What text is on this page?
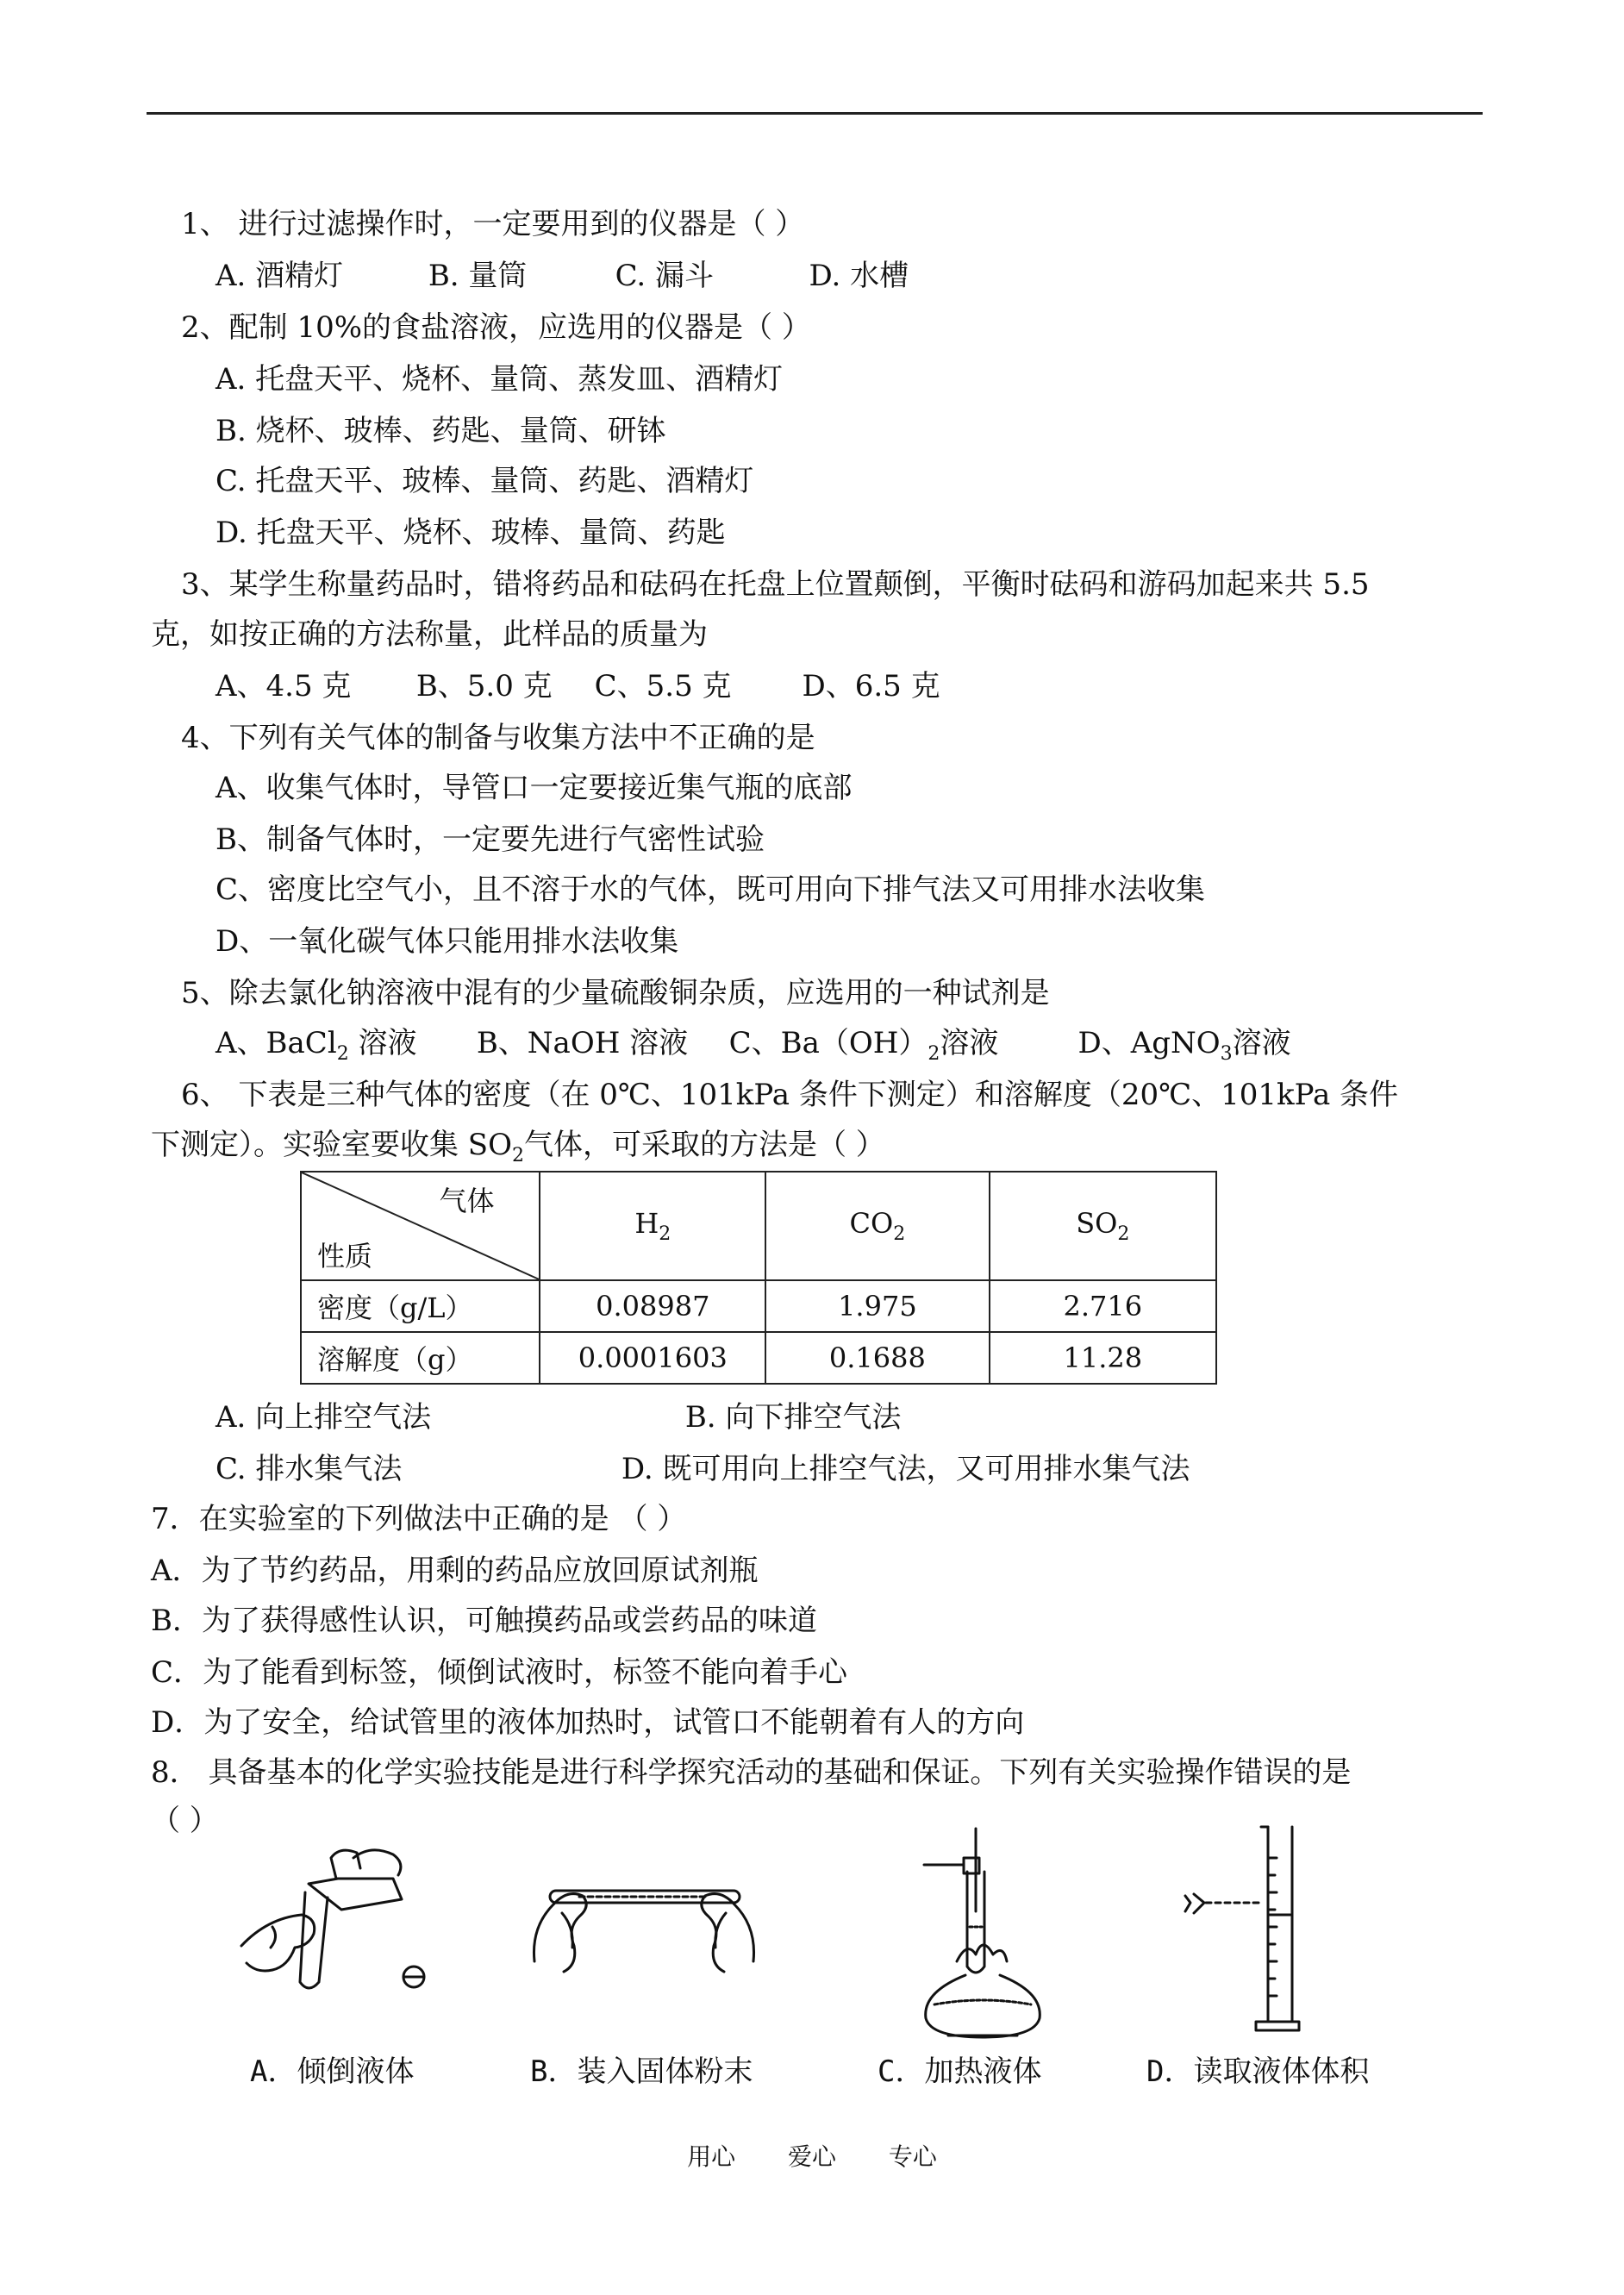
1、 进行过滤操作时，一定要用到的仪器是（ ）
A. 酒精灯	B. 量筒	C. 漏斗	D. 水槽
2、配制 10%的食盐溶液，应选用的仪器是（ ）
A. 托盘天平、烧杯、量筒、蒸发皿、酒精灯
B. 烧杯、玻棒、药匙、量筒、研钵
C. 托盘天平、玻棒、量筒、药匙、酒精灯
D. 托盘天平、烧杯、玻棒、量筒、药匙
3、某学生称量药品时，错将药品和砝码在托盘上位置颠倒，平衡时砝码和游码加起来共 5.5
克，如按正确的方法称量，此样品的质量为
A、4.5 克 B、5.0 克 C、5.5 克 D、6.5 克
4、下列有关气体的制备与收集方法中不正确的是
A、收集气体时，导管口一定要接近集气瓶的底部
B、制备气体时，一定要先进行气密性试验
C、密度比空气小，且不溶于水的气体，既可用向下排气法又可用排水法收集
D、一氧化碳气体只能用排水法收集
5、除去氯化钠溶液中混有的少量硫酸铜杂质，应选用的一种试剂是
A、BaCl$_2$ 溶液 B、NaOH 溶液 C、$Ba(OH)_2$溶液	D、AgNO$_3$溶液
6、 下表是三种气体的密度（在 0℃、101kPa 条件下测定）和溶解度（20℃、101kPa 条件
下测定）。实验室要收集 $SO_2$气体，可采取的方法是（ ）
气体
性质	$H_2$	$CO_2$	$SO_2$
密度（g/L）	0.08987	1.975	2.716
溶解度（g）	0.0001603	0.1688	11.28
A. 向上排空气法	B. 向下排空气法
C. 排水集气法	D. 既可用向上排空气法，又可用排水集气法
7．在实验室的下列做法中正确的是 （ ）
A．为了节约药品，用剩的药品应放回原试剂瓶
B．为了获得感性认识，可触摸药品或尝药品的味道
C．为了能看到标签，倾倒试液时，标签不能向着手心
D．为了安全，给试管里的液体加热时，试管口不能朝着有人的方向
8． 具备基本的化学实验技能是进行科学探究活动的基础和保证。下列有关实验操作错误的是
（ ）
A．倾倒液体	B．装入固体粉末	C．加热液体	D．读取液体体积
用心 爱心 专心
